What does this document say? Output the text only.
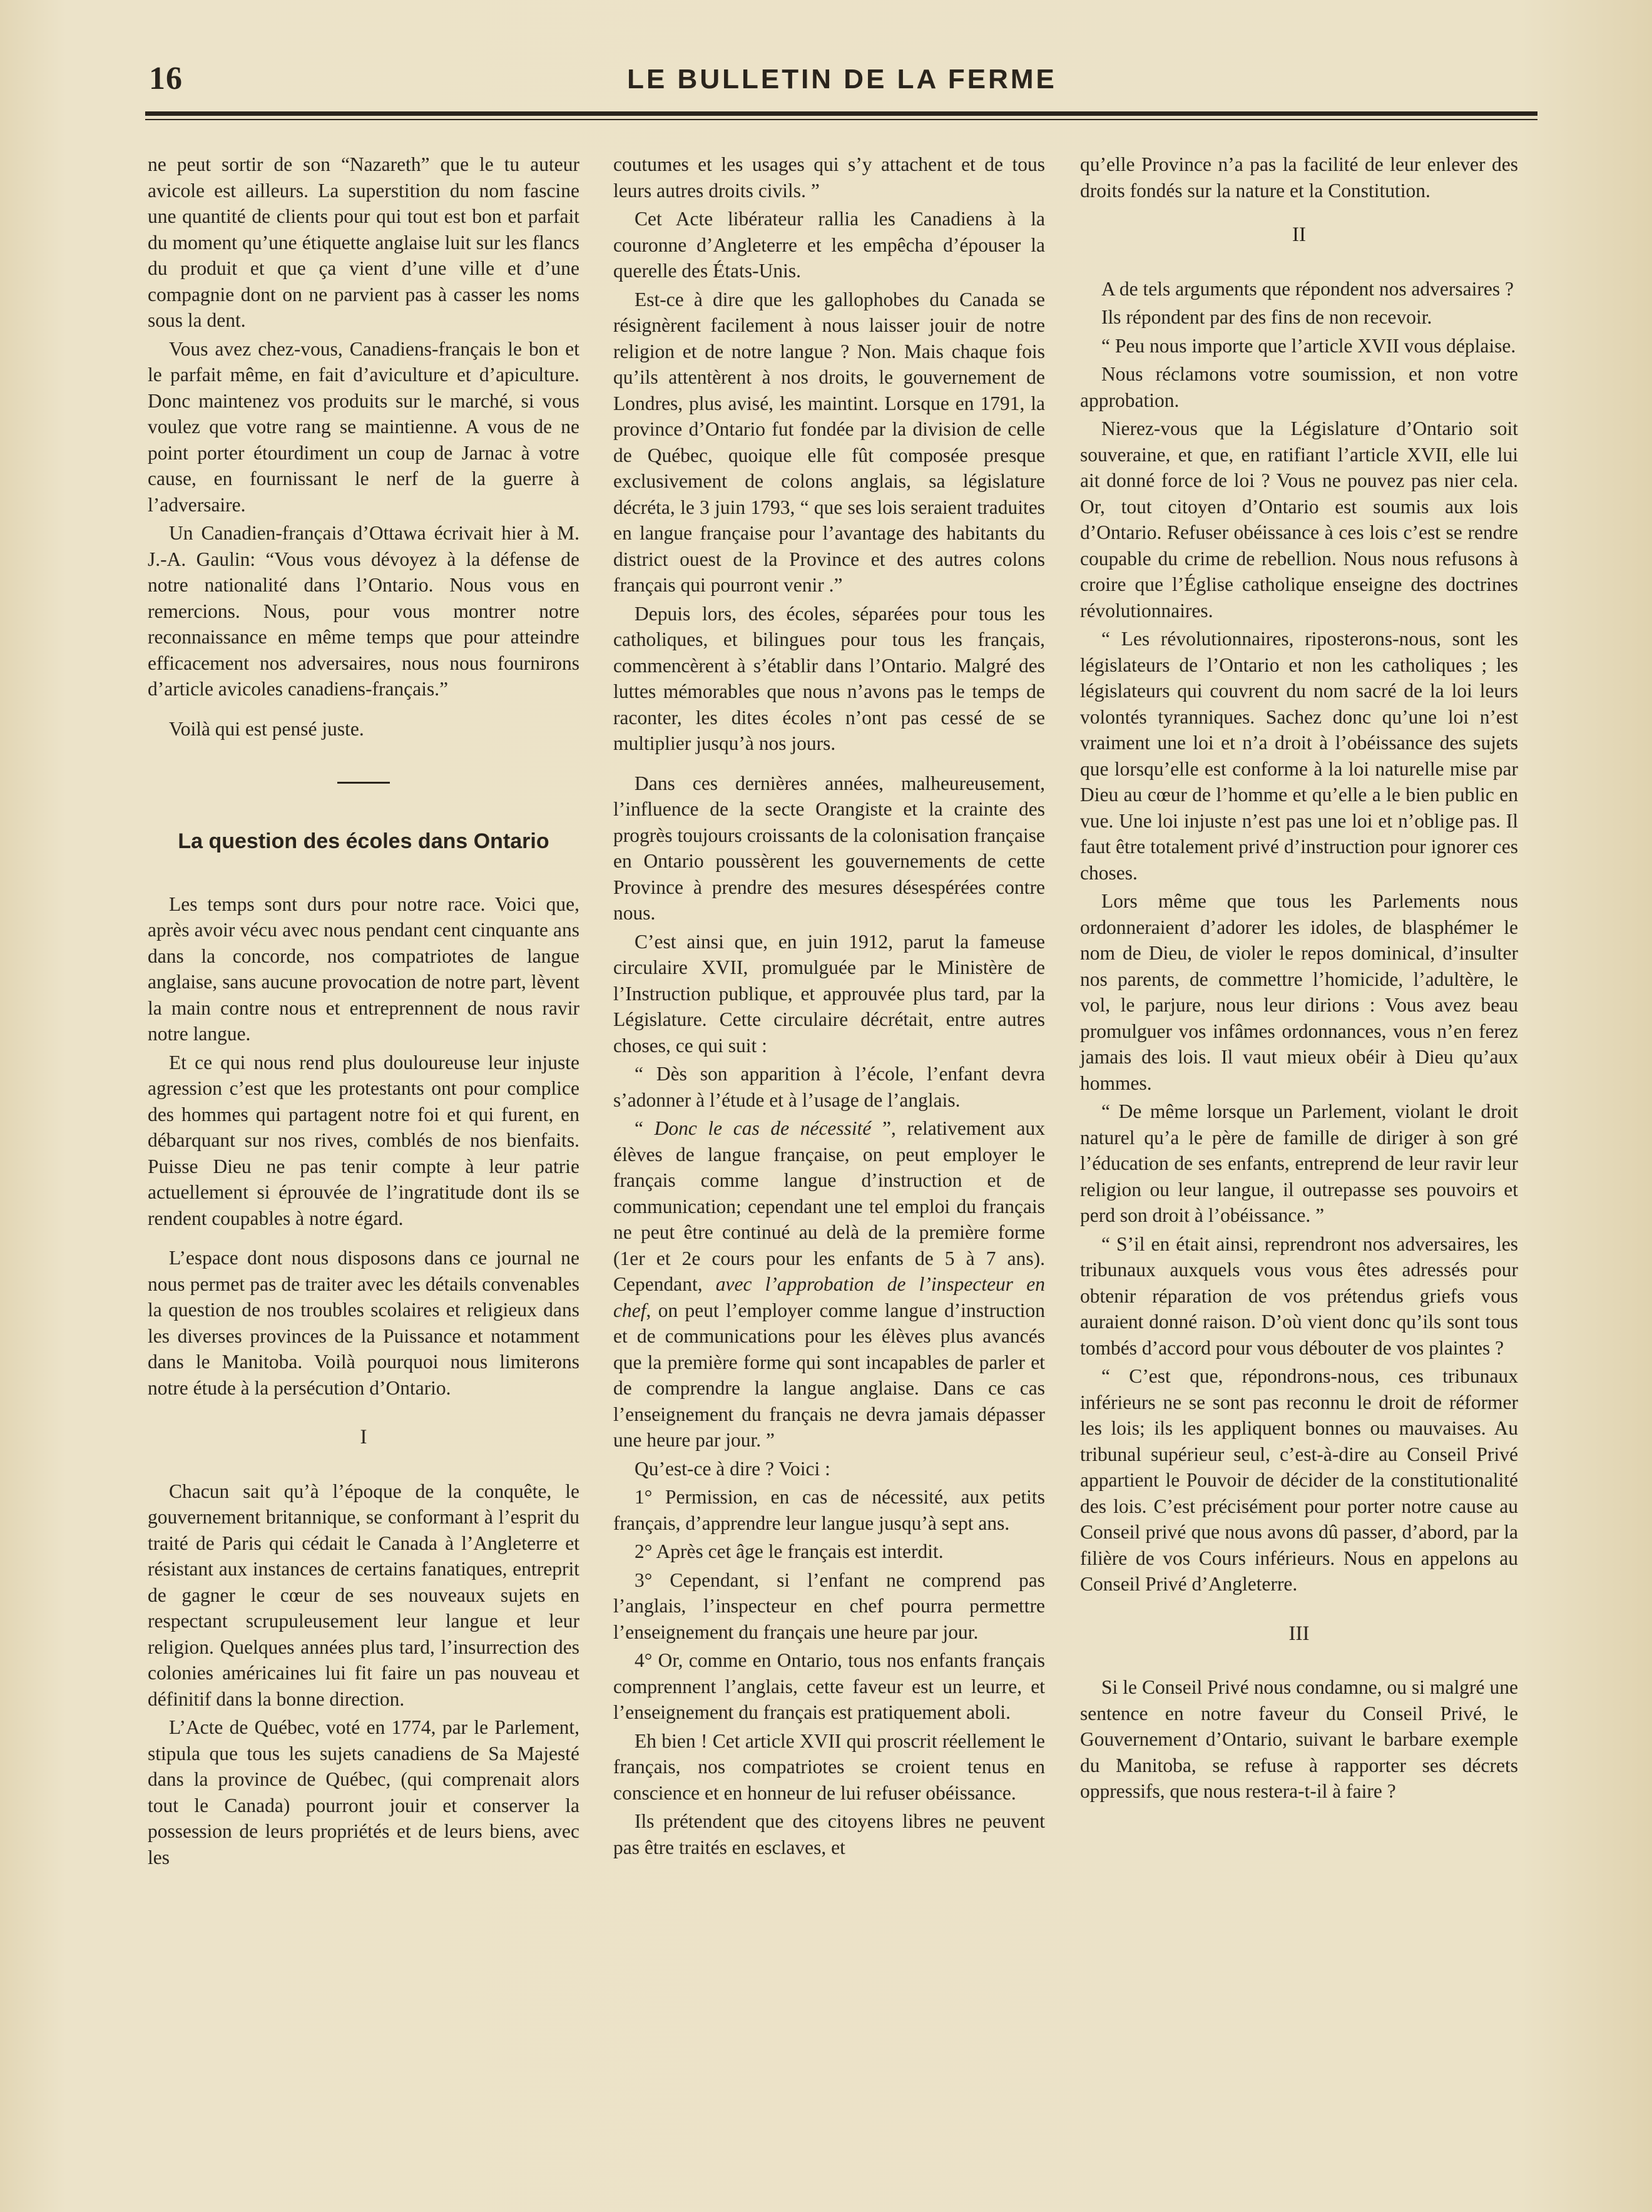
16	LE BULLETIN DE LA FERME

ne peut sortir de son “Nazareth” que le tu auteur avicole est ailleurs. La superstition du nom fascine une quantité de clients pour qui tout est bon et parfait du moment qu’une étiquette anglaise luit sur les flancs du produit et que ça vient d’une ville et d’une compagnie dont on ne parvient pas à casser les noms sous la dent.

Vous avez chez-vous, Canadiens-français le bon et le parfait même, en fait d’aviculture et d’apiculture. Donc maintenez vos produits sur le marché, si vous voulez que votre rang se maintienne. A vous de ne point porter étourdiment un coup de Jarnac à votre cause, en fournissant le nerf de la guerre à l’adversaire.

Un Canadien-français d’Ottawa écrivait hier à M. J.-A. Gaulin: “Vous vous dévoyez à la défense de notre nationalité dans l’Ontario. Nous vous en remercions. Nous, pour vous montrer notre reconnaissance en même temps que pour atteindre efficacement nos adversaires, nous nous fournirons d’article avicoles canadiens-français.”

Voilà qui est pensé juste.

La question des écoles dans Ontario

Les temps sont durs pour notre race. Voici que, après avoir vécu avec nous pendant cent cinquante ans dans la concorde, nos compatriotes de langue anglaise, sans aucune provocation de notre part, lèvent la main contre nous et entreprennent de nous ravir notre langue.

Et ce qui nous rend plus douloureuse leur injuste agression c’est que les protestants ont pour complice des hommes qui partagent notre foi et qui furent, en débarquant sur nos rives, comblés de nos bienfaits. Puisse Dieu ne pas tenir compte à leur patrie actuellement si éprouvée de l’ingratitude dont ils se rendent coupables à notre égard.

L’espace dont nous disposons dans ce journal ne nous permet pas de traiter avec les détails convenables la question de nos troubles scolaires et religieux dans les diverses provinces de la Puissance et notamment dans le Manitoba. Voilà pourquoi nous limiterons notre étude à la persécution d’Ontario.

I

Chacun sait qu’à l’époque de la conquête, le gouvernement britannique, se conformant à l’esprit du traité de Paris qui cédait le Canada à l’Angleterre et résistant aux instances de certains fanatiques, entreprit de gagner le cœur de ses nouveaux sujets en respectant scrupuleusement leur langue et leur religion. Quelques années plus tard, l’insurrection des colonies américaines lui fit faire un pas nouveau et définitif dans la bonne direction.

L’Acte de Québec, voté en 1774, par le Parlement, stipula que tous les sujets canadiens de Sa Majesté dans la province de Québec, (qui comprenait alors tout le Canada) pourront jouir et conserver la possession de leurs propriétés et de leurs biens, avec les

coutumes et les usages qui s’y attachent et de tous leurs autres droits civils. ”

Cet Acte libérateur rallia les Canadiens à la couronne d’Angleterre et les empêcha d’épouser la querelle des États-Unis.

Est-ce à dire que les gallophobes du Canada se résignèrent facilement à nous laisser jouir de notre religion et de notre langue ? Non. Mais chaque fois qu’ils attentèrent à nos droits, le gouvernement de Londres, plus avisé, les maintint. Lorsque en 1791, la province d’Ontario fut fondée par la division de celle de Québec, quoique elle fût composée presque exclusivement de colons anglais, sa législature décréta, le 3 juin 1793, “ que ses lois seraient traduites en langue française pour l’avantage des habitants du district ouest de la Province et des autres colons français qui pourront venir .”

Depuis lors, des écoles, séparées pour tous les catholiques, et bilingues pour tous les français, commencèrent à s’établir dans l’Ontario. Malgré des luttes mémorables que nous n’avons pas le temps de raconter, les dites écoles n’ont pas cessé de se multiplier jusqu’à nos jours.

Dans ces dernières années, malheureusement, l’influence de la secte Orangiste et la crainte des progrès toujours croissants de la colonisation française en Ontario poussèrent les gouvernements de cette Province à prendre des mesures désespérées contre nous.

C’est ainsi que, en juin 1912, parut la fameuse circulaire XVII, promulguée par le Ministère de l’Instruction publique, et approuvée plus tard, par la Législature. Cette circulaire décrétait, entre autres choses, ce qui suit :

“ Dès son apparition à l’école, l’enfant devra s’adonner à l’étude et à l’usage de l’anglais.

“ Donc le cas de nécessité ”, relativement aux élèves de langue française, on peut employer le français comme langue d’instruction et de communication; cependant une tel emploi du français ne peut être continué au delà de la première forme (1er et 2e cours pour les enfants de 5 à 7 ans). Cependant, avec l’approbation de l’inspecteur en chef, on peut l’employer comme langue d’instruction et de communications pour les élèves plus avancés que la première forme qui sont incapables de parler et de comprendre la langue anglaise. Dans ce cas l’enseignement du français ne devra jamais dépasser une heure par jour. ”

Qu’est-ce à dire ? Voici :

1° Permission, en cas de nécessité, aux petits français, d’apprendre leur langue jusqu’à sept ans.

2° Après cet âge le français est interdit.

3° Cependant, si l’enfant ne comprend pas l’anglais, l’inspecteur en chef pourra permettre l’enseignement du français une heure par jour.

4° Or, comme en Ontario, tous nos enfants français comprennent l’anglais, cette faveur est un leurre, et l’enseignement du français est pratiquement aboli.

Eh bien ! Cet article XVII qui proscrit réellement le français, nos compatriotes se croient tenus en conscience et en honneur de lui refuser obéissance.

Ils prétendent que des citoyens libres ne peuvent pas être traités en esclaves, et

qu’elle Province n’a pas la facilité de leur enlever des droits fondés sur la nature et la Constitution.

II

A de tels arguments que répondent nos adversaires ?

Ils répondent par des fins de non recevoir.

“ Peu nous importe que l’article XVII vous déplaise.

Nous réclamons votre soumission, et non votre approbation.

Nierez-vous que la Législature d’Ontario soit souveraine, et que, en ratifiant l’article XVII, elle lui ait donné force de loi ? Vous ne pouvez pas nier cela. Or, tout citoyen d’Ontario est soumis aux lois d’Ontario. Refuser obéissance à ces lois c’est se rendre coupable du crime de rebellion. Nous nous refusons à croire que l’Église catholique enseigne des doctrines révolutionnaires.

“ Les révolutionnaires, riposterons-nous, sont les législateurs de l’Ontario et non les catholiques ; les législateurs qui couvrent du nom sacré de la loi leurs volontés tyranniques. Sachez donc qu’une loi n’est vraiment une loi et n’a droit à l’obéissance des sujets que lorsqu’elle est conforme à la loi naturelle mise par Dieu au cœur de l’homme et qu’elle a le bien public en vue. Une loi injuste n’est pas une loi et n’oblige pas. Il faut être totalement privé d’instruction pour ignorer ces choses.

Lors même que tous les Parlements nous ordonneraient d’adorer les idoles, de blasphémer le nom de Dieu, de violer le repos dominical, d’insulter nos parents, de commettre l’homicide, l’adultère, le vol, le parjure, nous leur dirions : Vous avez beau promulguer vos infâmes ordonnances, vous n’en ferez jamais des lois. Il vaut mieux obéir à Dieu qu’aux hommes.

“ De même lorsque un Parlement, violant le droit naturel qu’a le père de famille de diriger à son gré l’éducation de ses enfants, entreprend de leur ravir leur religion ou leur langue, il outrepasse ses pouvoirs et perd son droit à l’obéissance. ”

“ S’il en était ainsi, reprendront nos adversaires, les tribunaux auxquels vous vous êtes adressés pour obtenir réparation de vos prétendus griefs vous auraient donné raison. D’où vient donc qu’ils sont tous tombés d’accord pour vous débouter de vos plaintes ?

“ C’est que, répondrons-nous, ces tribunaux inférieurs ne se sont pas reconnu le droit de réformer les lois; ils les appliquent bonnes ou mauvaises. Au tribunal supérieur seul, c’est-à-dire au Conseil Privé appartient le Pouvoir de décider de la constitutionalité des lois. C’est précisément pour porter notre cause au Conseil privé que nous avons dû passer, d’abord, par la filière de vos Cours inférieurs. Nous en appelons au Conseil Privé d’Angleterre.

III

Si le Conseil Privé nous condamne, ou si malgré une sentence en notre faveur du Conseil Privé, le Gouvernement d’Ontario, suivant le barbare exemple du Manitoba, se refuse à rapporter ses décrets oppressifs, que nous restera-t-il à faire ?
